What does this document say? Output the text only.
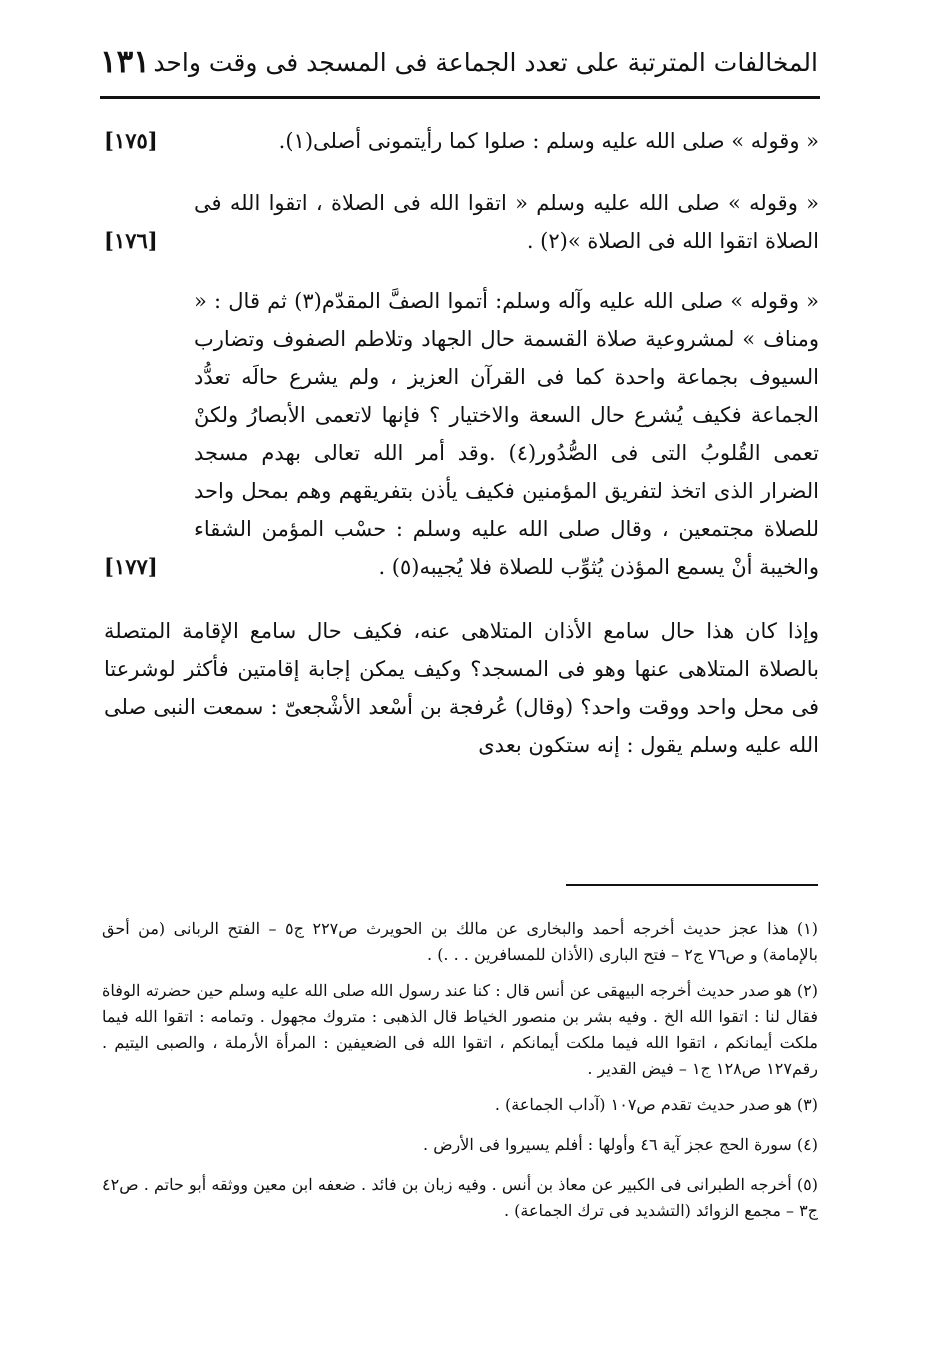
١٣١ المخالفات المترتبة على تعدد الجماعة فى المسجد فى وقت واحد

« وقوله » صلى الله عليه وسلم : صلوا كما رأيتمونى أصلى(١).
[١٧٥]

« وقوله » صلى الله عليه وسلم « اتقوا الله فى الصلاة ، اتقوا الله فى الصلاة اتقوا الله فى الصلاة »(٢) .
[١٧٦]

« وقوله » صلى الله عليه وآله وسلم: أتموا الصفَّ المقدّم(٣) ثم قال : « ومناف » لمشروعية صلاة القسمة حال الجهاد وتلاطم الصفوف وتضارب السيوف بجماعة واحدة كما فى القرآن العزيز ، ولم يشرع حالَه تعدُّد الجماعة فكيف يُشرع حال السعة والاختيار ؟ فإنها لاتعمى الأبصارُ ولكنْ تعمى القُلوبُ التى فى الصُّدُور(٤) .وقد أمر الله تعالى بهدم مسجد الضرار الذى اتخذ لتفريق المؤمنين فكيف يأذن بتفريقهم وهم بمحل واحد للصلاة مجتمعين ، وقال صلى الله عليه وسلم : حسْب المؤمن الشقاء والخيبة أنْ يسمع المؤذن يُثوِّب للصلاة فلا يُجيبه(٥) .
[١٧٧]

وإذا كان هذا حال سامع الأذان المتلاهى عنه، فكيف حال سامع الإقامة المتصلة بالصلاة المتلاهى عنها وهو فى المسجد؟ وكيف يمكن إجابة إقامتين فأكثر لوشرعتا فى محل واحد ووقت واحد؟ (وقال) عُرفجة بن أسْعد الأشْجعىّ : سمعت النبى صلى الله عليه وسلم يقول : إنه ستكون بعدى

(١) هذا عجز حديث أخرجه أحمد والبخارى عن مالك بن الحويرث ص٢٢٧ ج٥ – الفتح الربانى (من أحق بالإمامة) و ص٧٦ ج٢ – فتح البارى (الأذان للمسافرين . . .) .

(٢) هو صدر حديث أخرجه البيهقى عن أنس قال : كنا عند رسول الله صلى الله عليه وسلم حين حضرته الوفاة فقال لنا : اتقوا الله الخ . وفيه بشر بن منصور الخياط قال الذهبى : متروك مجهول . وتمامه : اتقوا الله فيما ملكت أيمانكم ، اتقوا الله فيما ملكت أيمانكم ، اتقوا الله فى الضعيفين : المرأة الأرملة ، والصبى اليتيم . رقم١٢٧ ص١٢٨ ج١ – فيض القدير .

(٣) هو صدر حديث تقدم ص١٠٧ (آداب الجماعة) .

(٤) سورة الحج عجز آية ٤٦ وأولها : أفلم يسيروا فى الأرض .

(٥) أخرجه الطبرانى فى الكبير عن معاذ بن أنس . وفيه زبان بن فائد . ضعفه ابن معين ووثقه أبو حاتم . ص٤٢ ج٣ – مجمع الزوائد (التشديد فى ترك الجماعة) .
